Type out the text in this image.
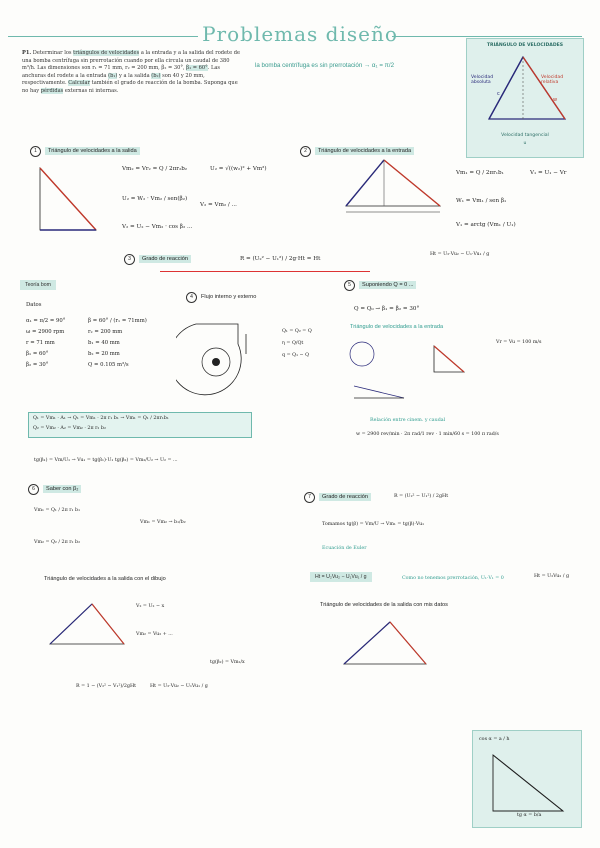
Problemas diseño
P1. Determinar los triángulos de velocidades a la entrada y a la salida del rodete de una bomba centrífuga sin prerrotación cuando por ella circula un caudal de 380 m³/h. Las dimensiones son r₁ = 71 mm, r₂ = 200 mm, β₂ = 30°, β₁ = 60°. Las anchuras del rodete a la entrada (b₁) y a la salida (b₂) son 40 y 20 mm, respectivamente. Calcular también el grado de reacción de la bomba. Suponga que no hay pérdidas externas ni internas.
la bomba centrífuga es sin prerrotación → α₁ = π/2
TRIÁNGULO DE VELOCIDADES
w
c
Velocidad absoluta
Velocidad relativa
Velocidad tangencial
u
1 Triángulo de velocidades a la salida
Vm₂ = Vr₂ = Q / 2πr₂b₂	U₂ = √((w₂)² + Vm²)
U₂ = W₂ · Vm₂ / sen(β₂)
V₂ = Vm₂ / ...
V₂ = U₂ − Vm₂ · cos β₂ ...
2 Triángulo de velocidades a la entrada
Vm₁ = Q / 2πr₁b₁	V₁ = U₁ − Vr
W₁ = Vm₁ / sen β₁
V₁ = arctg (Vm₁ / U₁)
3 Grado de reacción	R = (U₂² − U₁²) / 2g·Ht = Ht
Ht = U₂·Vu₂ − U₁·Vu₁ / g
Teoría bom
Datos
α₁ = π/2 = 90°
ω = 2900 rpm
r = 71 mm
β₁ = 60°
β₂ = 30°
β = 60° / (r₁ = 71mm)
r₂ = 200 mm
b₁ = 40 mm
b₂ = 20 mm
Q = 0.105 m³/s
4 Flujo interno y externo
Q₁ = Q₂ = Q
η = Q/Qt
q = Q₁ − Q
5 Suponiendo Q = 0 ...
Q = Q₀ → β₁ = β₂ = 30°
Triángulo de velocidades a la entrada
Vr = Vu = 100 m/s
Relación entre cinem. y caudal
w = 2900 rev/min · 2π rad/1 rev · 1 min/60 s = 100 π rad/s
Q₁ = Vm₁ · A₁ → Q₁ = Vm₁ · 2π r₁ b₁ → Vm₁ = Q₁ / 2πr₁b₁
Q₂ = Vm₂ · A₂ = Vm₂ · 2π r₂ b₂
tg(β₁) = Vm/U₁ → Vu₁ = tg(β₁)·U₁ tg(β₂) = Vm₂/U₂ → U₂ = ...
6 Saber con β₂
Vm₁ = Q₁ / 2π r₁ b₁
Vm₂ = Q₂ / 2π r₂ b₂
Vm₁ = Vm₂ → b₁/b₂
7 Grado de reacción	R = (U₂² − U₁²) / 2gHt
Tomamos tg(β) = Vm/U → Vm₁ = tg(β)·Vu₁
Ecuación de Euler
Triángulo de velocidades a la salida con el dibujo
V₂ = U₂ − x
Vm₂ = Vu₂ + ...
tg(β₂) = Vm₂/x
Ht = U₂Vu₂ − U₁Vu₁ / g	Como no tenemos prerrotación, U₁·V₁ = 0	Ht = U₂Vu₂ / g
Triángulo de velocidades de la salida con mis datos
R = 1 − (V₂² − V₁²)/2gHt	Ht = U₂·Vu₂ − U₁Vu₁ / g
cos α = a / h
tg α = b/a
